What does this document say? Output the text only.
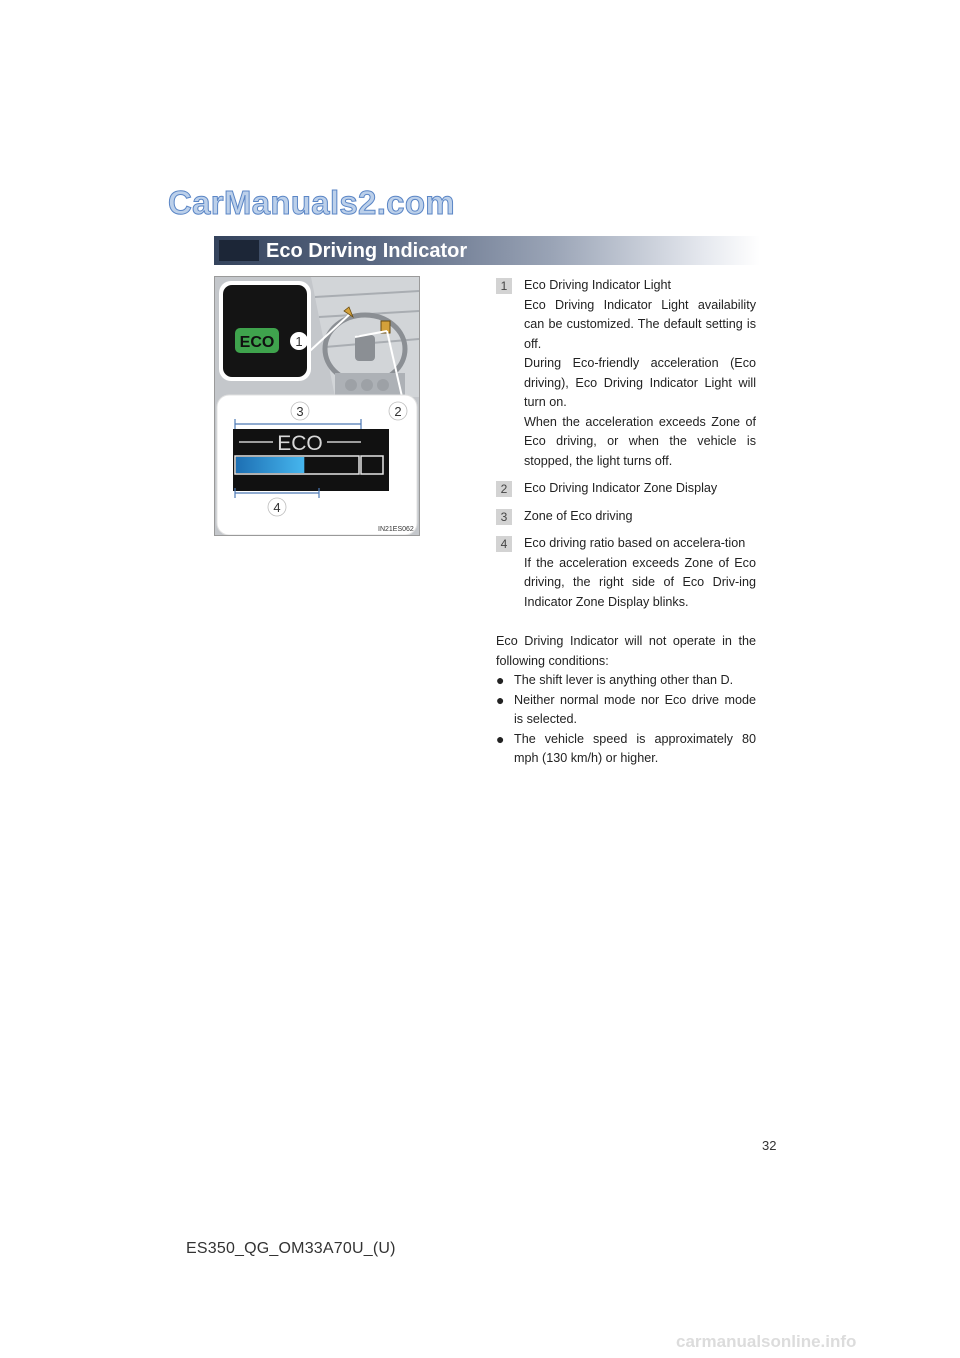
CarManuals2.com
Eco Driving Indicator
ECO 1
3	2
ECO
4
IN21ES062
1	Eco Driving Indicator Light

Eco Driving Indicator Light availability can be customized. The default setting is off.

During Eco-friendly acceleration (Eco driving), Eco Driving Indicator Light will turn on.

When the acceleration exceeds Zone of Eco driving, or when the vehicle is stopped, the light turns off.

2	Eco Driving Indicator Zone Display

3	Zone of Eco driving

4	Eco driving ratio based on accelera-tion

If the acceleration exceeds Zone of Eco driving, the right side of Eco Driv-ing Indicator Zone Display blinks.

Eco Driving Indicator will not operate in the following conditions:

● The shift lever is anything other than D.
● Neither normal mode nor Eco drive mode is selected.
● The vehicle speed is approximately 80 mph (130 km/h) or higher.
32
ES350_QG_OM33A70U_(U)
carmanualsonline.info
